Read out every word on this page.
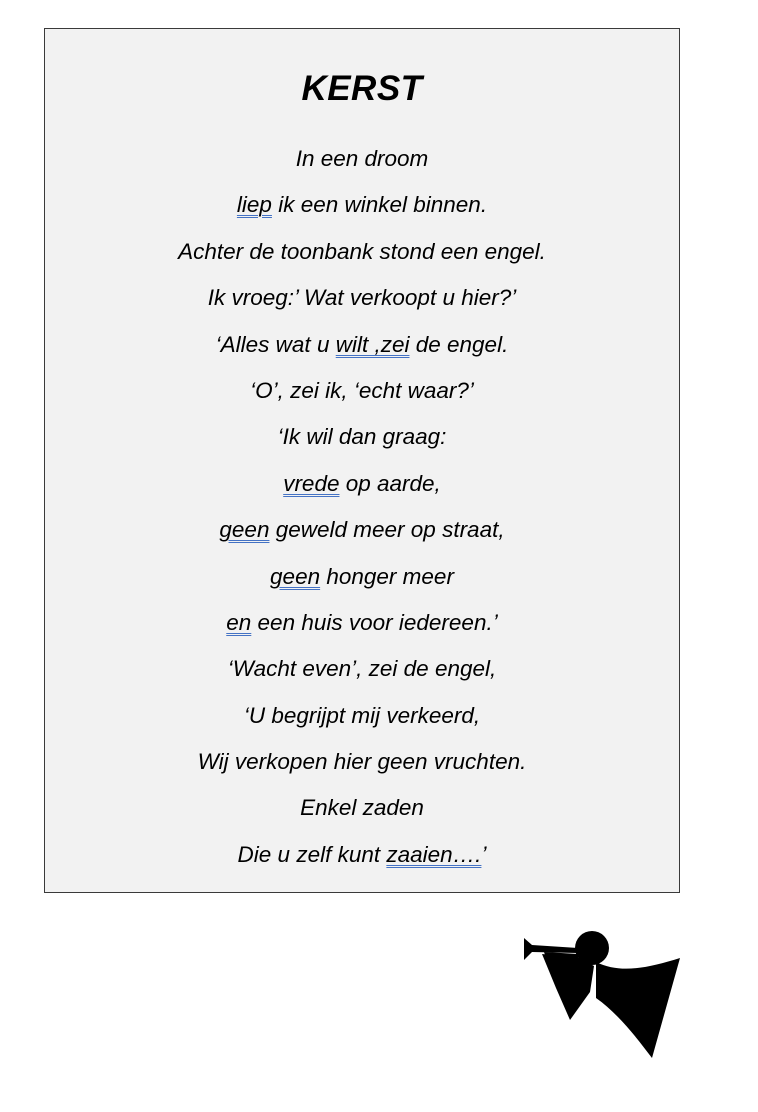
KERST
In een droom
liep ik een winkel binnen.
Achter de toonbank stond een engel.
Ik vroeg:’ Wat verkoopt u hier?’
‘Alles wat u wilt ,zei de engel.
‘O’, zei ik, ‘echt waar?’
‘Ik wil dan graag:
vrede op aarde,
geen geweld meer op straat,
geen honger meer
en een huis voor iedereen.’
‘Wacht even’, zei de engel,
‘U begrijpt mij verkeerd,
Wij verkopen hier geen vruchten.
Enkel zaden
Die u zelf kunt zaaien….’
